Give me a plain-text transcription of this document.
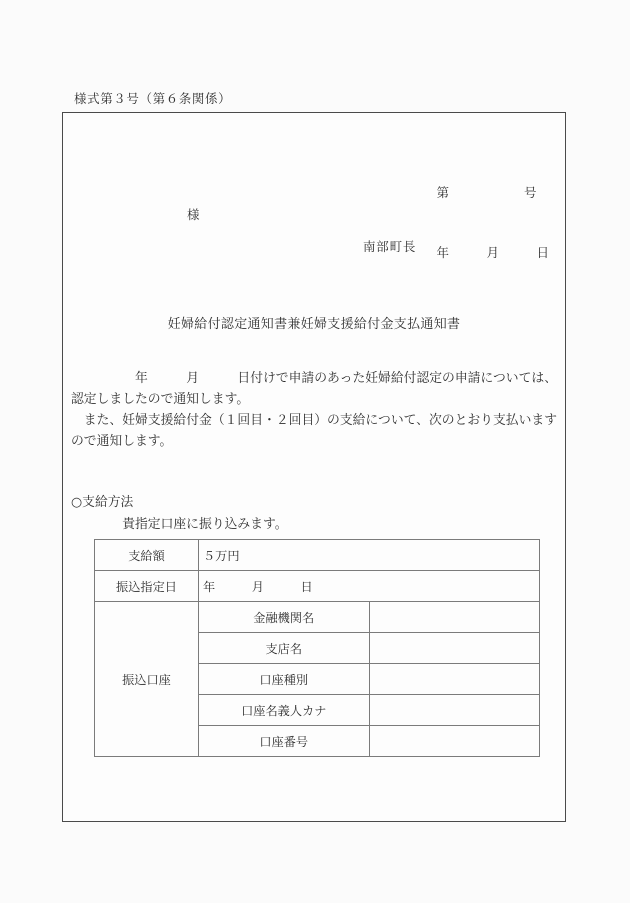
様式第３号（第６条関係）

第　　　　　　号

年　　　月　　　日

様
南部町長
妊婦給付認定通知書兼妊婦支援給付金支払通知書

　　　　　年　　　月　　　日付けで申請のあった妊婦給付認定の申請については、認定しましたので通知します。

　また、妊婦支援給付金（１回目・２回目）の支給について、次のとおり支払いますので通知します。

○支給方法
　　　　貴指定口座に振り込みます。
支給額	５万円	
振込指定日	年　　　月　　　日	
振込口座	金融機関名	
	支店名	
	口座種別	
	口座名義人カナ	
	口座番号	
